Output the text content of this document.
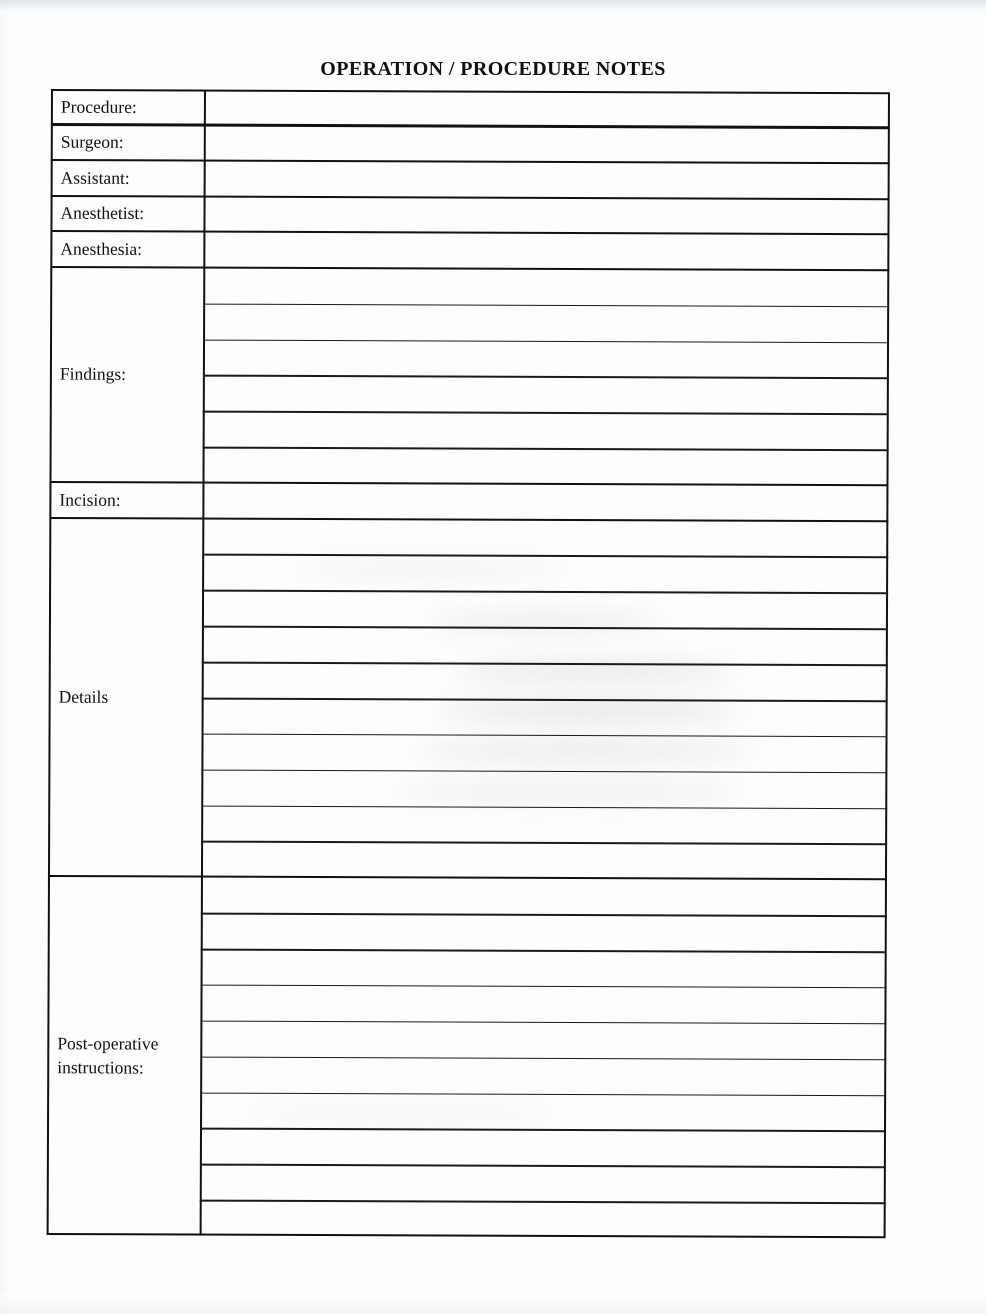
OPERATION / PROCEDURE NOTES
Procedure:
Surgeon:
Assistant:
Anesthetist:
Anesthesia:
Findings:
Incision:
Details
Post-operative
instructions:
